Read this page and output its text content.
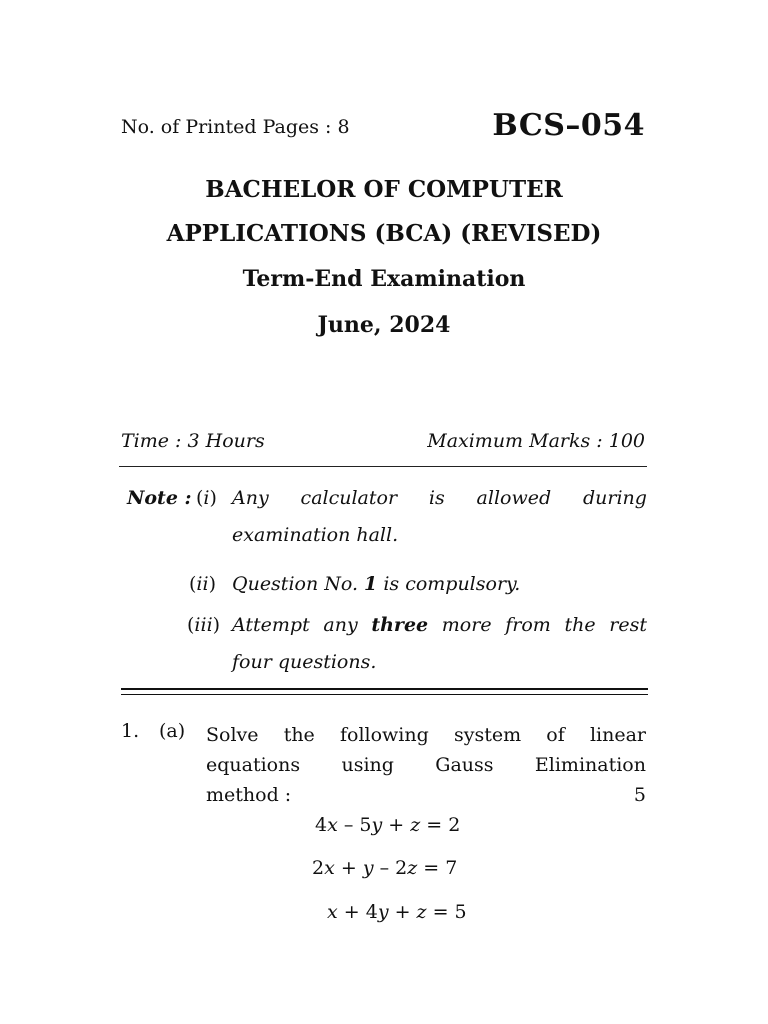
No. of Printed Pages : 8	BCS–054
BACHELOR OF COMPUTER
APPLICATIONS (BCA) (REVISED)
Term-End Examination
June, 2024
Time : 3 Hours	Maximum Marks : 100
Note : (i) Any calculator is allowed during
examination hall.
(ii) Question No. 1 is compulsory.
(iii) Attempt any three more from the rest
four questions.
1. (a) Solve the following system of linear
equations using Gauss Elimination
method :	5
4x – 5y + z = 2
2x + y – 2z = 7
x + 4y + z = 5
